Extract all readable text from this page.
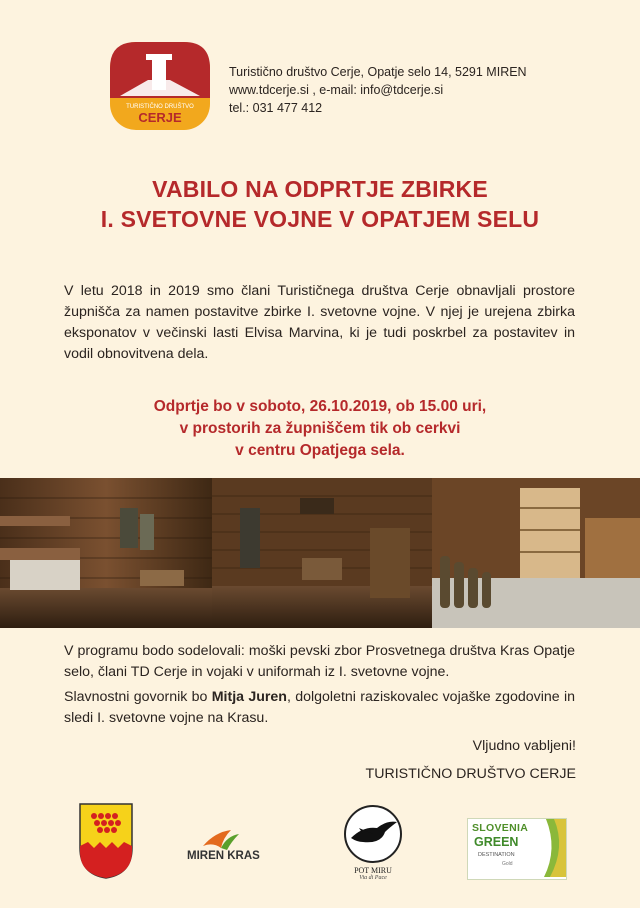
TURISTIČNO DRUŠTVO
CERJE
Turistično društvo Cerje, Opatje selo 14, 5291 MIREN
www.tdcerje.si , e-mail: info@tdcerje.si
tel.: 031 477 412
VABILO NA ODPRTJE ZBIRKE
I. SVETOVNE VOJNE V OPATJEM SELU
V letu 2018 in 2019 smo člani Turističnega društva Cerje obnavljali prostore župnišča za namen postavitve zbirke I. svetovne vojne. V njej je urejena zbirka eksponatov v večinski lasti Elvisa Marvina, ki je tudi poskrbel za postavitev in vodil obnovitvena dela.
Odprtje bo v soboto, 26.10.2019, ob 15.00 uri,
v prostorih za župniščem tik ob cerkvi
v centru Opatjega sela.

V programu bodo sodelovali: moški pevski zbor Prosvetnega društva Kras Opatje selo, člani TD Cerje in vojaki v uniformah iz I. svetovne vojne.

Slavnostni govornik bo Mitja Juren, dolgoletni raziskovalec vojaške zgodovine in sledi I. svetovne vojne na Krasu.

Vljudno vabljeni!
TURISTIČNO DRUŠTVO CERJE
MIREN KRAS
POT MIRU
Via di Pace
SLOVENIA
GREEN
DESTINATION
Gold
